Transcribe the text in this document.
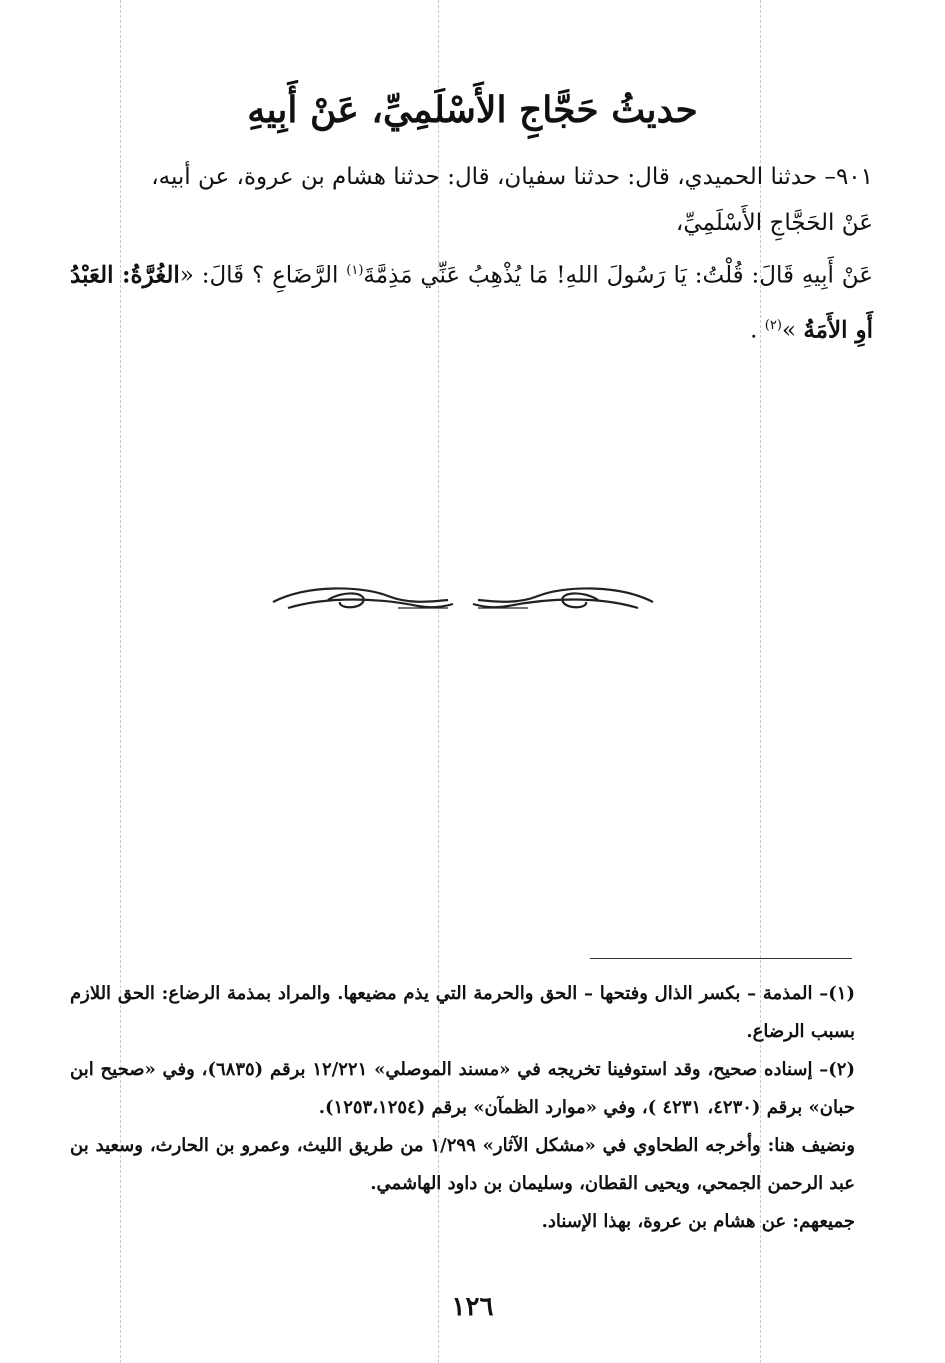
حديثُ حَجَّاجِ الأَسْلَمِيِّ، عَنْ أَبِيهِ
٩٠١– حدثنا الحميدي، قال: حدثنا سفيان، قال: حدثنا هشام بن عروة، عن أبيه،
عَنْ الحَجَّاجِ الأَسْلَمِيِّ،
عَنْ أَبِيهِ قَالَ: قُلْتُ: يَا رَسُولَ اللهِ! مَا يُذْهِبُ عَنِّي مَذِمَّةَ$^{(١)}$ الرَّضَاعِ ؟ قَالَ: «الغُرَّةُ: العَبْدُ أَوِ الأَمَةُ »$^{(٢)}$ .

(١)– المذمة – بكسر الذال وفتحها – الحق والحرمة التي يذم مضيعها. والمراد بمذمة الرضاع: الحق اللازم بسبب الرضاع.

(٢)– إسناده صحيح، وقد استوفينا تخريجه في «مسند الموصلي» ١٢/٢٢١ برقم (٦٨٣٥)، وفي «صحيح ابن حبان» برقم (٤٢٣٠، ٤٢٣١ )، وفي «موارد الظمآن» برقم (١٢٥٣،١٢٥٤).

ونضيف هنا: وأخرجه الطحاوي في «مشكل الآثار» ١/٢٩٩ من طريق الليث، وعمرو بن الحارث، وسعيد بن عبد الرحمن الجمحي، ويحيى القطان، وسليمان بن داود الهاشمي.

جميعهم: عن هشام بن عروة، بهذا الإسناد.

١٢٦
